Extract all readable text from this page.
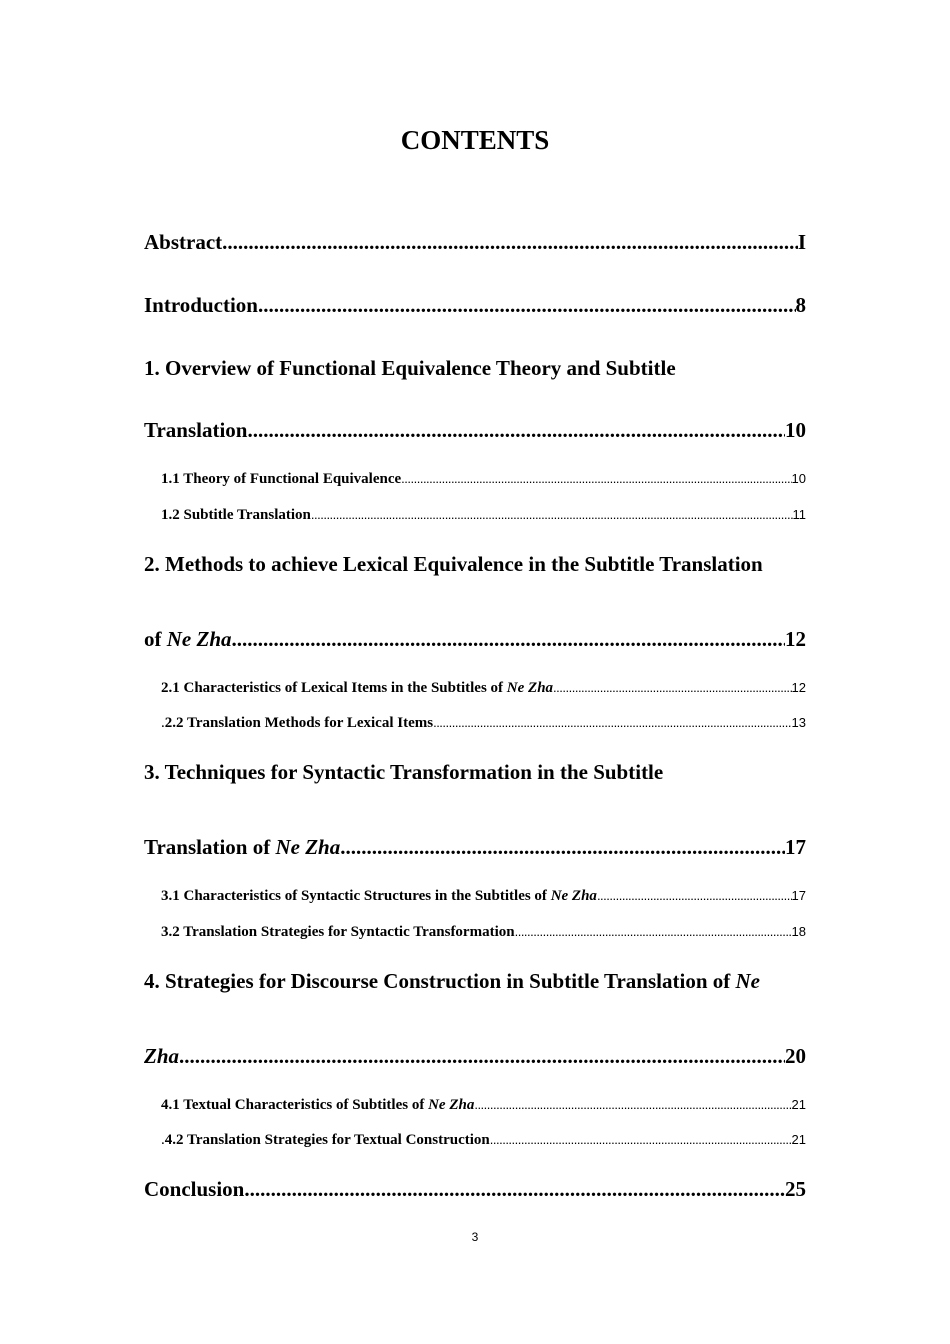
CONTENTS
Abstract .....	I
Introduction .....	8
1. Overview of Functional Equivalence Theory and Subtitle
Translation .....	10
1.1 Theory of Functional Equivalence .....	10
1.2 Subtitle Translation .....	11
2. Methods to achieve Lexical Equivalence in the Subtitle Translation
of Ne Zha .....	12
2.1 Characteristics of Lexical Items in the Subtitles of Ne Zha .....	12
.2.2 Translation Methods for Lexical Items .....	13
3. Techniques for Syntactic Transformation in the Subtitle
Translation of Ne Zha .....	17
3.1 Characteristics of Syntactic Structures in the Subtitles of Ne Zha .....	17
3.2 Translation Strategies for Syntactic Transformation .....	18
4. Strategies for Discourse Construction in Subtitle Translation of Ne
Zha .....	20
4.1 Textual Characteristics of Subtitles of Ne Zha .....	21
.4.2 Translation Strategies for Textual Construction .....	21
Conclusion .....	25
3
